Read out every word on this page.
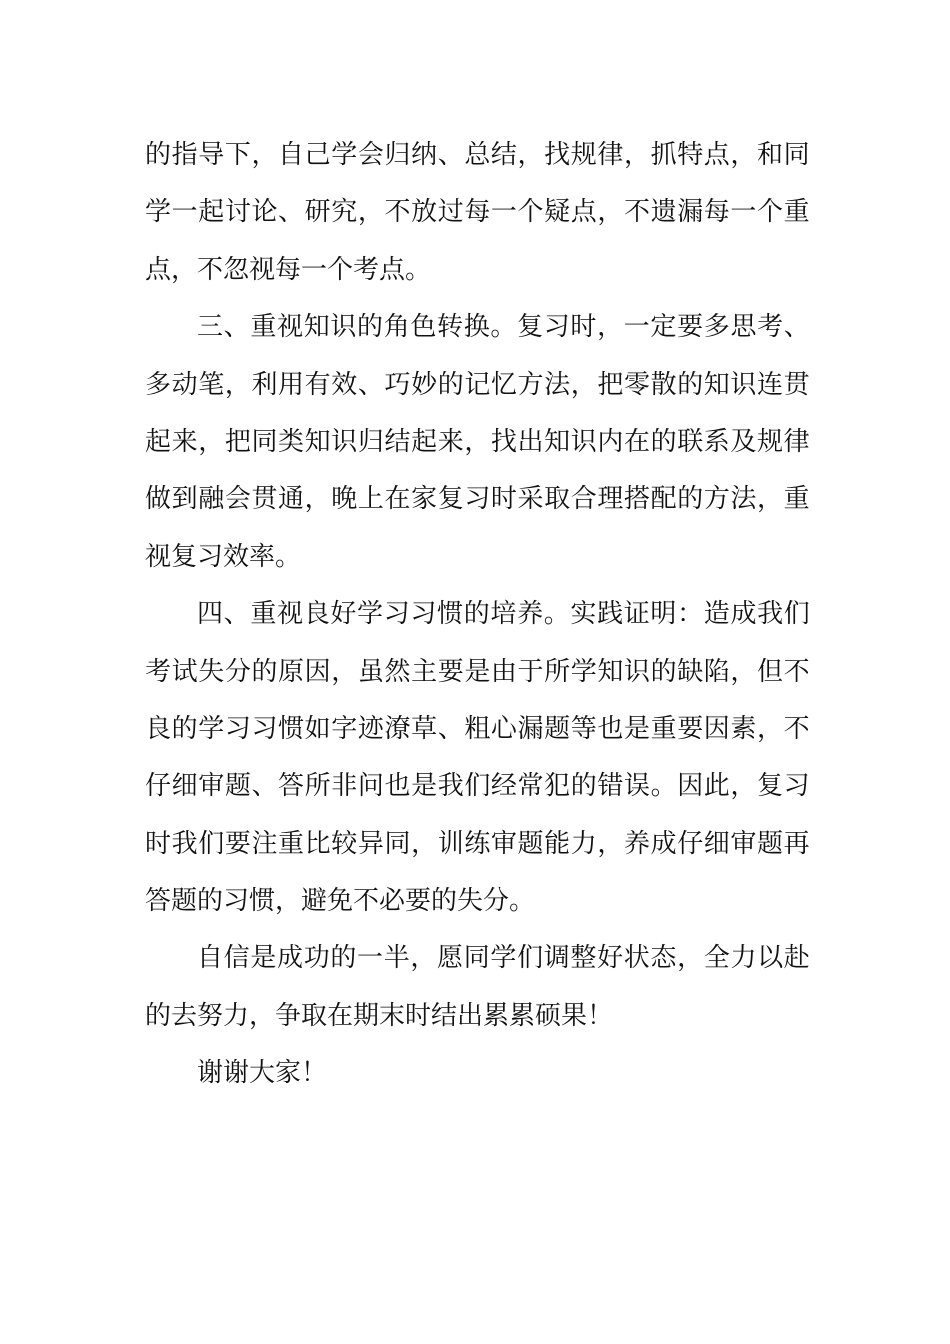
的 指 导 下 ， 自 己 学 会 归 纳 、 总 结 ， 找 规 律 ， 抓 特 点 ， 和 同
学 一 起 讨 论 、 研 究 ， 不 放 过 每 一 个 疑 点 ， 不 遗 漏 每 一 个 重
点，不忽视每一个考点。
三 、 重 视 知 识 的 角 色 转 换 。 复 习 时 ， 一 定 要 多 思 考 、
多 动 笔 ， 利 用 有 效 、 巧 妙 的 记 忆 方 法 ， 把 零 散 的 知 识 连 贯
起 来 ， 把 同 类 知 识 归 结 起 来 ， 找 出 知 识 内 在 的 联 系 及 规 律
做 到 融 会 贯 通 ， 晚 上 在 家 复 习 时 采 取 合 理 搭 配 的 方 法 ， 重
视复习效率。
四 、 重 视 良 好 学 习 习 惯 的 培 养 。 实 践 证 明 ： 造 成 我 们
考 试 失 分 的 原 因 ， 虽 然 主 要 是 由 于 所 学 知 识 的 缺 陷 ， 但 不
良 的 学 习 习 惯 如 字 迹 潦 草 、 粗 心 漏 题 等 也 是 重 要 因 素 ， 不
仔 细 审 题 、 答 所 非 问 也 是 我 们 经 常 犯 的 错 误 。 因 此 ， 复 习
时 我 们 要 注 重 比 较 异 同 ， 训 练 审 题 能 力 ， 养 成 仔 细 审 题 再
答题的习惯，避免不必要的失分。
自 信 是 成 功 的 一 半 ， 愿 同 学 们 调 整 好 状 态 ， 全 力 以 赴
的去努力，争取在期末时结出累累硕果！
谢谢大家！
